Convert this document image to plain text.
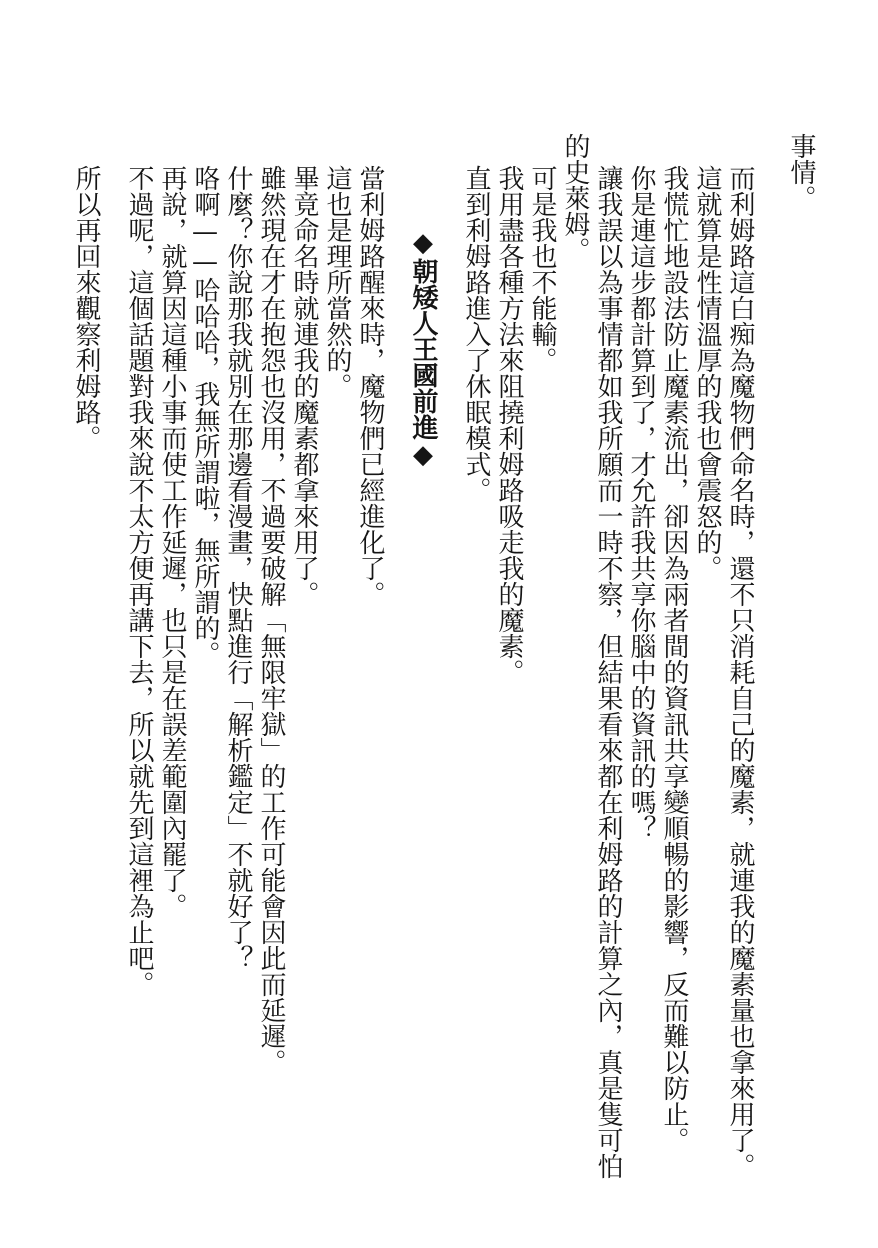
事情。

而利姆路這白痴為魔物們命名時，還不只消耗自己的魔素，就連我的魔素量也拿來用了。

這就算是性情溫厚的我也會震怒的。

我慌忙地設法防止魔素流出，卻因為兩者間的資訊共享變順暢的影響，反而難以防止。

你是連這步都計算到了，才允許我共享你腦中的資訊的嗎？

讓我誤以為事情都如我所願而一時不察，但結果看來都在利姆路的計算之內，真是隻可怕

的史萊姆。

可是我也不能輸。

我用盡各種方法來阻撓利姆路吸走我的魔素。

直到利姆路進入了休眠模式。

◆朝矮人王國前進◆

當利姆路醒來時，魔物們已經進化了。

這也是理所當然的。

畢竟命名時就連我的魔素都拿來用了。

雖然現在才在抱怨也沒用，不過要破解「無限牢獄」的工作可能會因此而延遲。

什麼？你說那我就別在那邊看漫畫，快點進行「解析鑑定」不就好了？

咯啊——哈哈哈，我無所謂啦，無所謂的。

再說，就算因這種小事而使工作延遲，也只是在誤差範圍內罷了。

不過呢，這個話題對我來說不太方便再講下去，所以就先到這裡為止吧。

所以再回來觀察利姆路。
